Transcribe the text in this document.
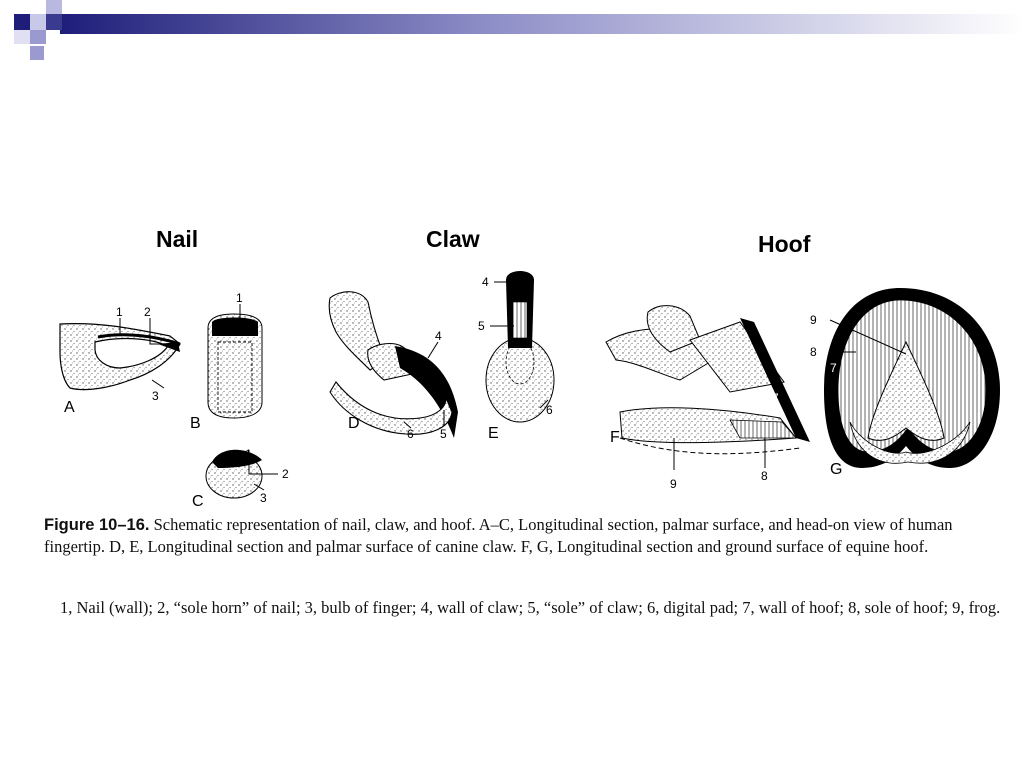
Nail	Claw	Hoof
A
B
C
D
E	F
G
1 2
3
1
1
2
3
4
5
6
4
5
6
7
8
9
9
8
7

Figure 10–16. Schematic representation of nail, claw, and hoof. A–C, Longitudinal section, palmar surface, and head-on view of human fingertip. D, E, Longitudinal section and palmar surface of canine claw. F, G, Longitudinal section and ground surface of equine hoof.

1, Nail (wall); 2, “sole horn” of nail; 3, bulb of finger; 4, wall of claw; 5, “sole” of claw; 6, digital pad; 7, wall of hoof; 8, sole of hoof; 9, frog.
